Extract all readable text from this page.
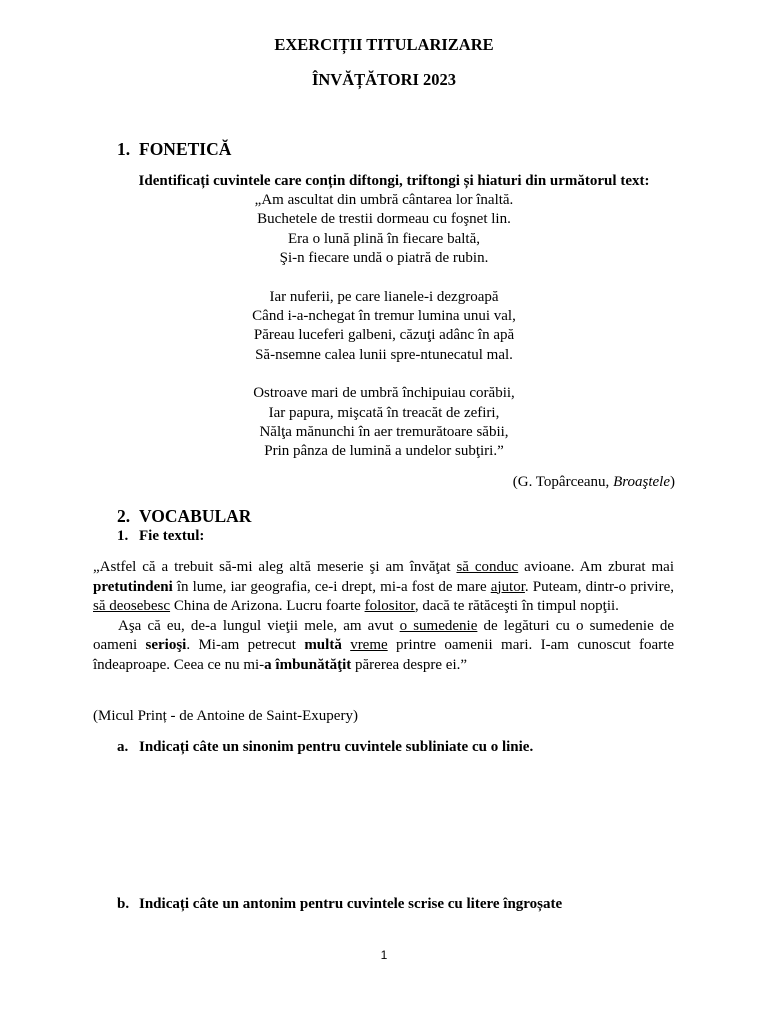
EXERCIȚII TITULARIZARE
ÎNVĂȚĂTORI 2023
1. FONETICĂ
Identificați cuvintele care conțin diftongi, triftongi și hiaturi din următorul text:
„Am ascultat din umbră cântarea lor înaltă.
Buchetele de trestii dormeau cu foşnet lin.
Era o lună plină în fiecare baltă,
Şi-n fiecare undă o piatră de rubin.
Iar nuferii, pe care lianele-i dezgroapă
Când i-a-nchegat în tremur lumina unui val,
Păreau luceferi galbeni, căzuţi adânc în apă
Să-nsemne calea lunii spre-ntunecatul mal.
Ostroave mari de umbră închipuiau corăbii,
Iar papura, mişcată în treacăt de zefiri,
Nălţa mănunchi în aer tremurătoare săbii,
Prin pânza de lumină a undelor subţiri.”
(G. Topârceanu, Broaştele)
2. VOCABULAR
1. Fie textul:

„Astfel că a trebuit să-mi aleg altă meserie şi am învăţat să conduc avioane. Am zburat mai pretutindeni în lume, iar geografia, ce-i drept, mi-a fost de mare ajutor. Puteam, dintr-o privire, să deosebesc China de Arizona. Lucru foarte folositor, dacă te rătăceşti în timpul nopţii.

Aşa că eu, de-a lungul vieţii mele, am avut o sumedenie de legături cu o sumedenie de oameni serioşi. Mi-am petrecut multă vreme printre oamenii mari. I-am cunoscut foarte îndeaproape. Ceea ce nu mi-a îmbunătăţit părerea despre ei.”

(Micul Prinț - de Antoine de Saint-Exupery)
a. Indicați câte un sinonim pentru cuvintele subliniate cu o linie.
b. Indicați câte un antonim pentru cuvintele scrise cu litere îngroșate
1
